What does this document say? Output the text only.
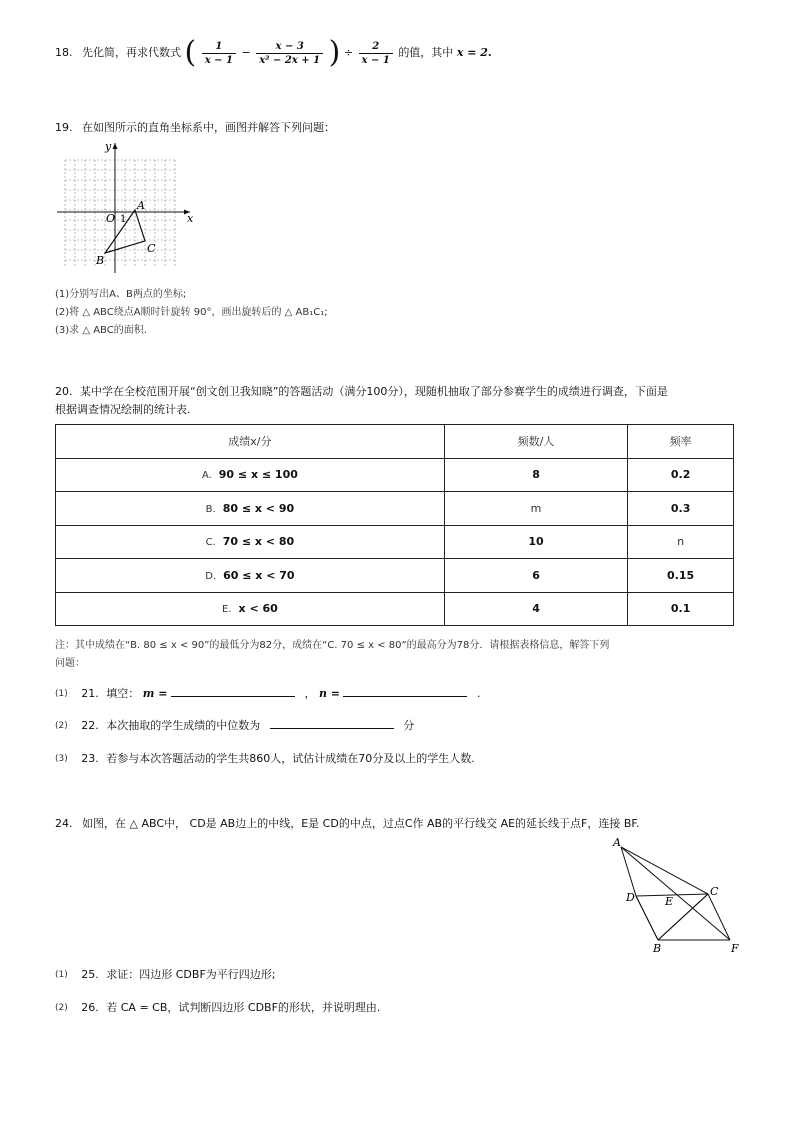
18. 先化简，再求代数式 ( $\frac{1}{x - 1} - \frac{x - 3}{\text{x² − 2x + 1}}$ ) ÷ $\frac{2}{x - 1}$ 的值，其中 x = 2.
19. 在如图所示的直角坐标系中，画图并解答下列问题：
y
x
O 1
A
B
C
(1)分别写出A、B两点的坐标;
(2)将 △ ABC绕点A顺时针旋转 90°，画出旋转后的 △ AB₁C₁;
(3)求 △ ABC的面积.
20. 某中学在全校范围开展“创文创卫我知晓”的答题活动（满分100分），现随机抽取了部分参赛学生的成绩进行调查，下面是
根据调查情况绘制的统计表.
成绩x/分	频数/人	频率
A. 90 ≤ x ≤ 100	8	0.2
B. 80 ≤ x < 90	m	0.3
C. 70 ≤ x < 80	10	n
D. 60 ≤ x < 70	6	0.15
E. x < 60	4	0.1
注：其中成绩在“B. 80 ≤ x < 90”的最低分为82分，成绩在“C. 70 ≤ x < 80”的最高分为78分．请根据表格信息，解答下列
问题：
$^{(1)}$ 21. 填空： m =	， n =	.
$^{(2)}$ 22. 本次抽取的学生成绩的中位数为	分
$^{(3)}$ 23. 若参与本次答题活动的学生共860人，试估计成绩在70分及以上的学生人数.
24. 如图，在 △ ABC中， CD是 AB边上的中线，E是 CD的中点，过点C作 AB的平行线交 AE的延长线于点F，连接 BF.
A
D	E
C
B	F
$^{(1)}$ 25. 求证：四边形 CDBF为平行四边形;
$^{(2)}$ 26. 若 CA = CB，试判断四边形 CDBF的形状，并说明理由.
